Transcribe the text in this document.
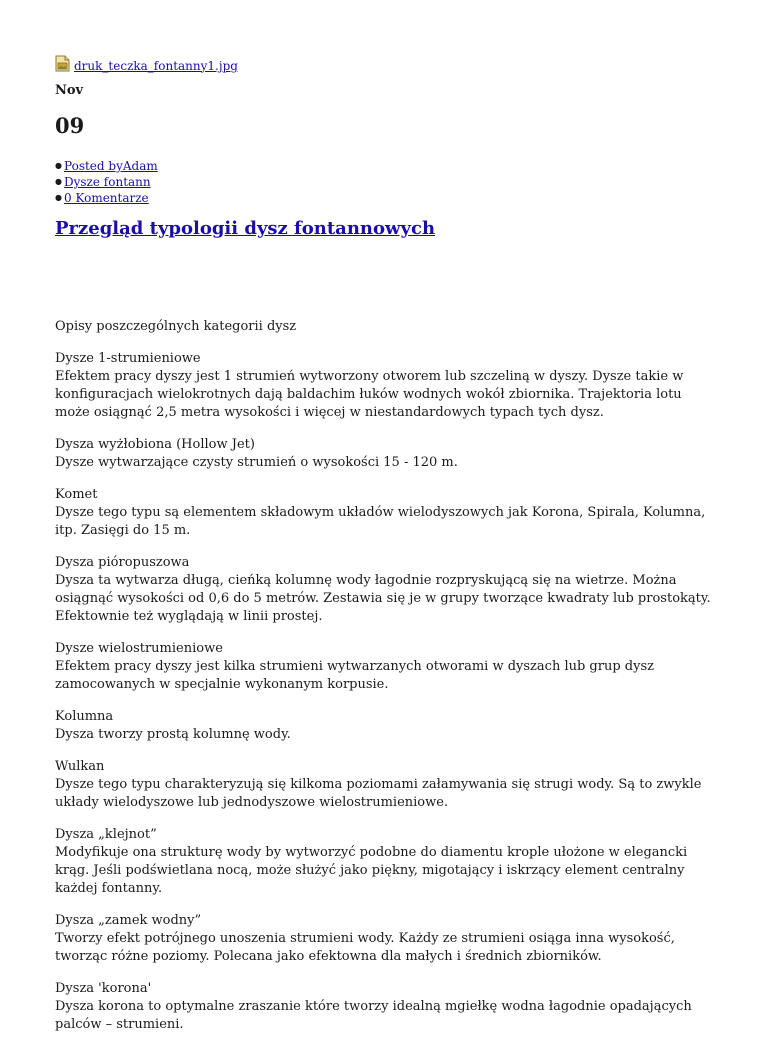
druk_teczka_fontanny1.jpg
Nov
09
● Posted byAdam
● Dysze fontann
● 0 Komentarze
Przegląd typologii dysz fontannowych

Opisy poszczególnych kategorii dysz

Dysze 1-strumieniowe
Efektem pracy dyszy jest 1 strumień wytworzony otworem lub szczeliną w dyszy. Dysze takie w konfiguracjach wielokrotnych dają baldachim łuków wodnych wokół zbiornika. Trajektoria lotu może osiągnąć 2,5 metra wysokości i więcej w niestandardowych typach tych dysz.

Dysza wyżłobiona (Hollow Jet)
Dysze wytwarzające czysty strumień o wysokości 15 - 120 m.

Komet
Dysze tego typu są elementem składowym układów wielodyszowych jak Korona, Spirala, Kolumna, itp. Zasięgi do 15 m.

Dysza pióropuszowa
Dysza ta wytwarza długą, cieńką kolumnę wody łagodnie rozpryskującą się na wietrze. Można osiągnąć wysokości od 0,6 do 5 metrów. Zestawia się je w grupy tworzące kwadraty lub prostokąty. Efektownie też wyglądają w linii prostej.

Dysze wielostrumieniowe
Efektem pracy dyszy jest kilka strumieni wytwarzanych otworami w dyszach lub grup dysz zamocowanych w specjalnie wykonanym korpusie.

Kolumna
Dysza tworzy prostą kolumnę wody.

Wulkan
Dysze tego typu charakteryzują się kilkoma poziomami załamywania się strugi wody. Są to zwykle układy wielodyszowe lub jednodyszowe wielostrumieniowe.

Dysza „klejnot”
Modyfikuje ona strukturę wody by wytworzyć podobne do diamentu krople ułożone w elegancki krąg. Jeśli podświetlana nocą, może służyć jako piękny, migotający i iskrzący element centralny każdej fontanny.

Dysza „zamek wodny”
Tworzy efekt potrójnego unoszenia strumieni wody. Każdy ze strumieni osiąga inna wysokość, tworząc różne poziomy. Polecana jako efektowna dla małych i średnich zbiorników.

Dysza 'korona'
Dysza korona to optymalne zraszanie które tworzy idealną mgiełkę wodna łagodnie opadających palców – strumieni.
